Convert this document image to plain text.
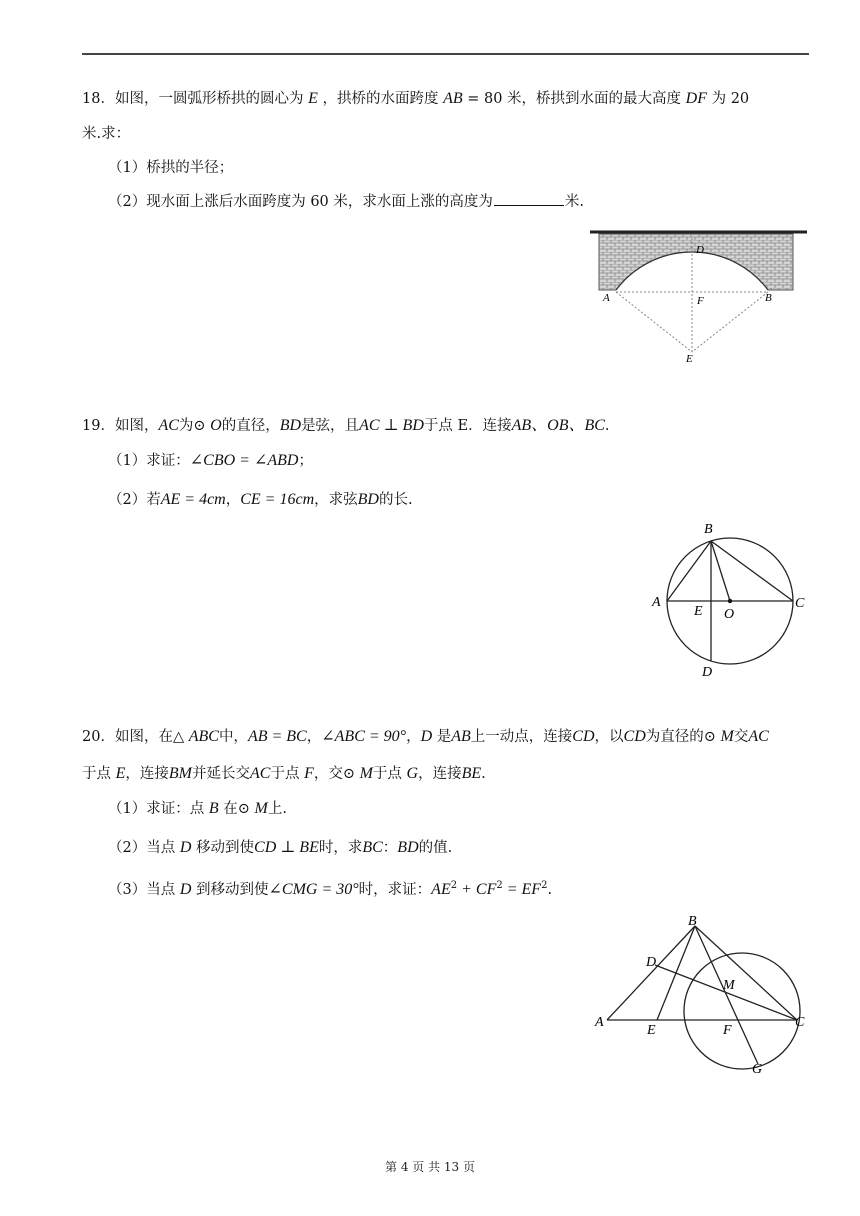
18．如图，一圆弧形桥拱的圆心为 E ，拱桥的水面跨度 AB = 80 米，桥拱到水面的最大高度 DF 为 20
米.求：
（1）桥拱的半径；
（2）现水面上涨后水面跨度为 60 米，求水面上涨的高度为	米.
D
A	F	B
E
19．如图，AC为⊙ O的直径，BD是弦，且AC ⊥ BD于点 E．连接AB、OB、BC.
（1）求证：∠CBO = ∠ABD；
（2）若AE = 4cm，CE = 16cm，求弦BD的长.
B
A
E O
C
D
20．如图，在△ ABC中，AB = BC，∠ABC = 90°，D 是AB上一动点，连接CD，以CD为直径的⊙ M交AC
于点 E，连接BM并延长交AC于点 F，交⊙ M于点 G，连接BE.
（1）求证：点 B 在⊙ M上.
（2）当点 D 移动到使CD ⊥ BE时，求BC：BD的值.
（3）当点 D 到移动到使∠CMG = 30°时，求证：$AE^2 + CF^2 = EF^2$.
B
D
M
A
E	F
C
G
第 4 页 共 13 页
